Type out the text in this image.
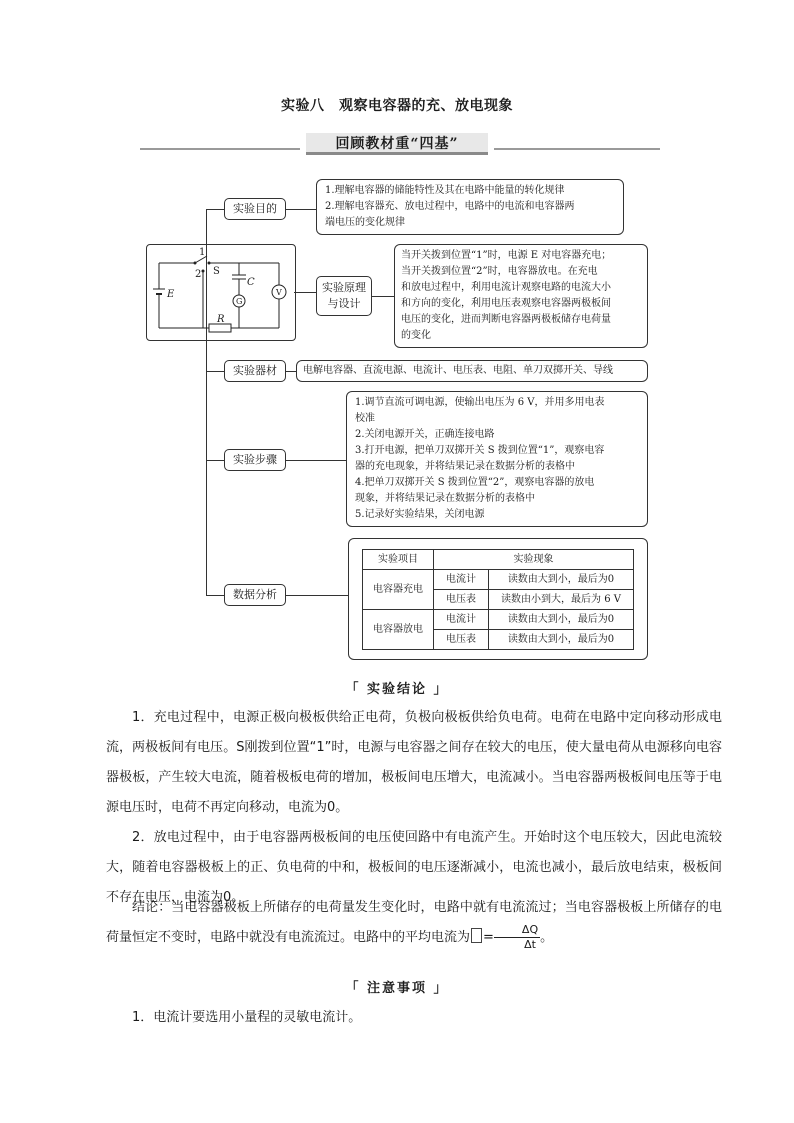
实验八　观察电容器的充、放电现象
回顾教材重“四基”
实验目的
1.理解电容器的储能特性及其在电路中能量的转化规律
2.理解电容器充、放电过程中，电路中的电流和电容器两
端电压的变化规律
E
S
C
G
V
R
1
2
实验原理
与设计
当开关拨到位置“1”时，电源 E 对电容器充电；
当开关拨到位置“2”时，电容器放电。在充电
和放电过程中，利用电流计观察电路的电流大小
和方向的变化，利用电压表观察电容器两极板间
电压的变化，进而判断电容器两极板储存电荷量
的变化
实验器材	电解电容器、直流电源、电流计、电压表、电阻、单刀双掷开关、导线
实验步骤
1.调节直流可调电源，使输出电压为 6 V，并用多用电表
校准
2.关闭电源开关，正确连接电路
3.打开电源，把单刀双掷开关 S 拨到位置“1”，观察电容
器的充电现象，并将结果记录在数据分析的表格中
4.把单刀双掷开关 S 拨到位置“2”，观察电容器的放电
现象，并将结果记录在数据分析的表格中
5.记录好实验结果，关闭电源
数据分析
实验项目	实验现象	
电容器充电	电流计	读数由大到小，最后为0
	电压表	读数由小到大，最后为 6 V
电容器放电	电流计	读数由大到小，最后为0
	电压表	读数由大到小，最后为0
「 实验结论 」
1．充电过程中，电源正极向极板供给正电荷，负极向极板供给负电荷。电荷在电路中定向移动形成电流，两极板间有电压。S刚拨到位置“1”时，电源与电容器之间存在较大的电压，使大量电荷从电源移向电容器极板，产生较大电流，随着极板电荷的增加，极板间电压增大，电流减小。当电容器两极板间电压等于电源电压时，电荷不再定向移动，电流为0。
2．放电过程中，由于电容器两极板间的电压使回路中有电流产生。开始时这个电压较大，因此电流较大，随着电容器极板上的正、负电荷的中和，极板间的电压逐渐减小，电流也减小，最后放电结束，极板间不存在电压，电流为0。
结论：当电容器极板上所储存的电荷量发生变化时，电路中就有电流流过；当电容器极板上所储存的电荷量恒定不变时，电路中就没有电流流过。电路中的平均电流为 = $\frac{\Delta Q}{\Delta t}$ 。
「 注意事项 」
1．电流计要选用小量程的灵敏电流计。
